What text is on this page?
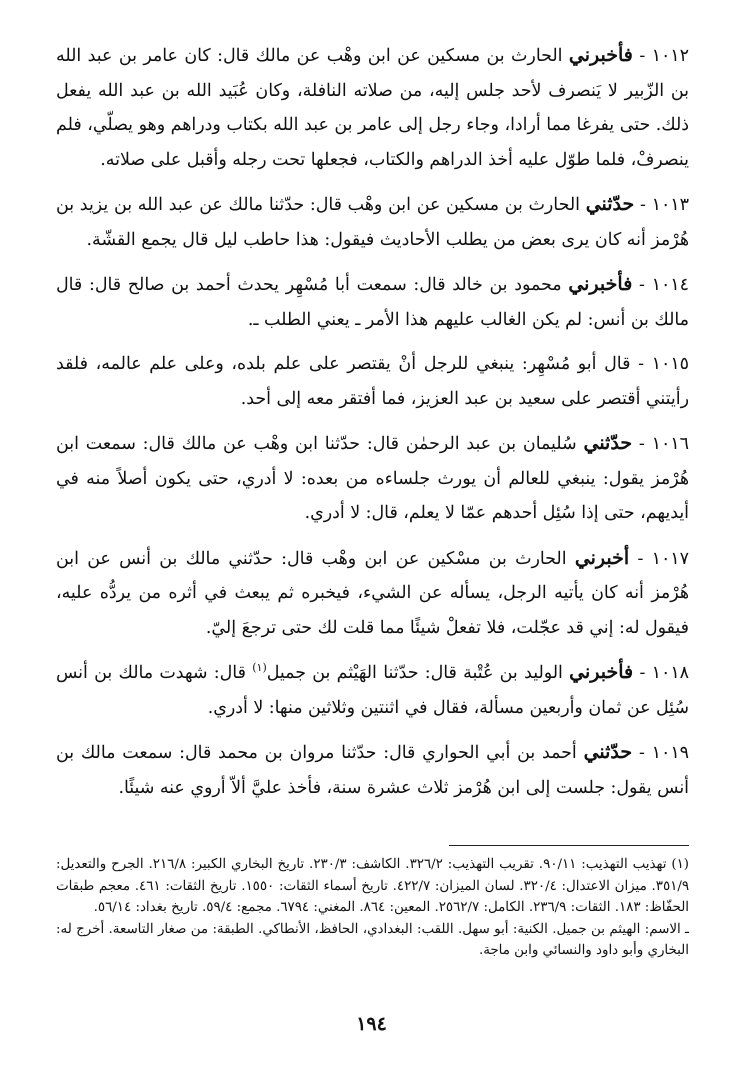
١٠١٢ - فأخبرني الحارث بن مسكين عن ابن وهْب عن مالك قال: كان عامر بن عبد الله بن الزّبير لا يَنصرف لأحد جلس إليه، من صلاته النافلة، وكان عُبَيد الله بن عبد الله يفعل ذلك. حتى يفرغا مما أرادا، وجاء رجل إلى عامر بن عبد الله بكتاب ودراهم وهو يصلّي، فلم ينصرفْ، فلما طوّل عليه أخذ الدراهم والكتاب، فجعلها تحت رجله وأقبل على صلاته.

١٠١٣ - حدّثني الحارث بن مسكين عن ابن وهْب قال: حدّثنا مالك عن عبد الله بن يزيد بن هُرْمز أنه كان يرى بعض من يطلب الأحاديث فيقول: هذا حاطب ليل قال يجمع القشّة.

١٠١٤ - فأخبرني محمود بن خالد قال: سمعت أبا مُسْهِر يحدث أحمد بن صالح قال: قال مالك بن أنس: لم يكن الغالب عليهم هذا الأمر ـ يعني الطلب ـ.

١٠١٥ - قال أبو مُسْهِر: ينبغي للرجل أنْ يقتصر على علم بلده، وعلى علم عالمه، فلقد رأيتني أقتصر على سعيد بن عبد العزيز، فما أفتقر معه إلى أحد.

١٠١٦ - حدّثني سُليمان بن عبد الرحمٰن قال: حدّثنا ابن وهْب عن مالك قال: سمعت ابن هُرْمز يقول: ينبغي للعالم أن يورث جلساءه من بعده: لا أدري، حتى يكون أصلاً منه في أيديهم، حتى إذا سُئِل أحدهم عمّا لا يعلم، قال: لا أدري.

١٠١٧ - أخبرني الحارث بن مسْكين عن ابن وهْب قال: حدّثني مالك بن أنس عن ابن هُرْمز أنه كان يأتيه الرجل، يسأله عن الشيء، فيخبره ثم يبعث في أثره من يردُّه عليه، فيقول له: إني قد عجّلت، فلا تفعلْ شيئًا مما قلت لك حتى ترجعَ إليّ.

١٠١٨ - فأخبرني الوليد بن عُتْبة قال: حدّثنا الهَيْثم بن جميل$^{(١)}$ قال: شهدت مالك بن أنس سُئِل عن ثمان وأربعين مسألة، فقال في اثنتين وثلاثين منها: لا أدري.

١٠١٩ - حدّثني أحمد بن أبي الحواري قال: حدّثنا مروان بن محمد قال: سمعت مالك بن أنس يقول: جلست إلى ابن هُرْمز ثلاث عشرة سنة، فأخذ عليَّ ألاّ أروي عنه شيئًا.

(١) تهذيب التهذيب: ٩٠/١١. تقريب التهذيب: ٣٢٦/٢. الكاشف: ٢٣٠/٣. تاريخ البخاري الكبير: ٢١٦/٨. الجرح والتعديل: ٣٥١/٩. ميزان الاعتدال: ٣٢٠/٤. لسان الميزان: ٤٢٢/٧. تاريخ أسماء الثقات: ١٥٥٠. تاريخ الثقات: ٤٦١. معجم طبقات الحفّاظ: ١٨٣. الثقات: ٢٣٦/٩. الكامل: ٢٥٦٢/٧. المعين: ٨٦٤. المغني: ٦٧٩٤. مجمع: ٥٩/٤. تاريخ بغداد: ٥٦/١٤.
ـ الاسم: الهيثم بن جميل. الكنية: أبو سهل. اللقب: البغدادي، الحافظ، الأنطاكي. الطبقة: من صغار التاسعة. أخرج له: البخاري وأبو داود والنسائي وابن ماجة.

١٩٤
